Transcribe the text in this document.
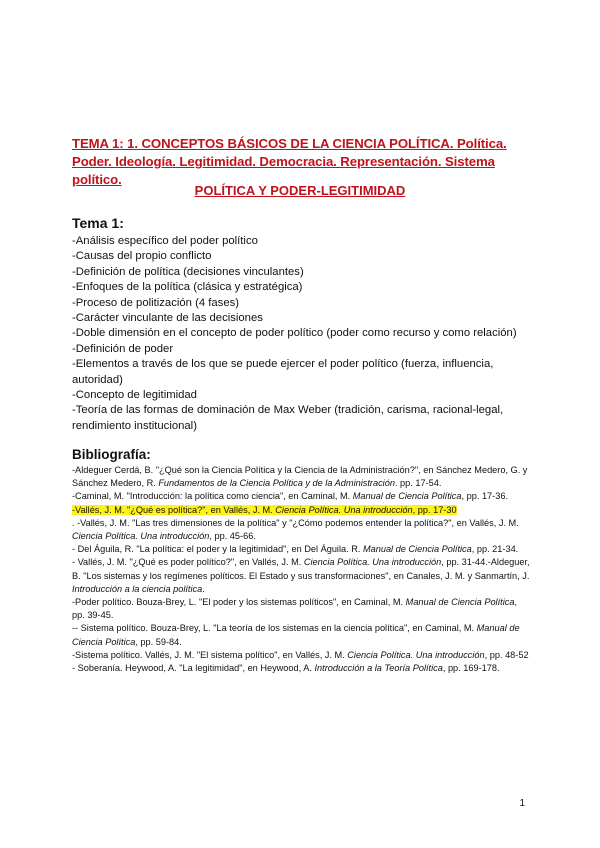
TEMA 1: 1. CONCEPTOS BÁSICOS DE LA CIENCIA POLÍTICA. Política. Poder. Ideología. Legitimidad. Democracia. Representación. Sistema político.
POLÍTICA Y PODER-LEGITIMIDAD
Tema 1:
-Análisis específico del poder político
-Causas del propio conflicto
-Definición de política (decisiones vinculantes)
-Enfoques de la política (clásica y estratégica)
-Proceso de politización (4 fases)
-Carácter vinculante de las decisiones
-Doble dimensión en el concepto de poder político (poder como recurso y como relación)
-Definición de poder
-Elementos a través de los que se puede ejercer el poder político (fuerza, influencia, autoridad)
-Concepto de legitimidad
-Teoría de las formas de dominación de Max Weber (tradición, carisma, racional-legal, rendimiento institucional)
Bibliografía:
-Aldeguer Cerdá, B. "¿Qué son la Ciencia Política y la Ciencia de la Administración?", en Sánchez Medero, G. y Sánchez Medero, R. Fundamentos de la Ciencia Política y de la Administración. pp. 17-54.
-Caminal, M. "Introducción: la política como ciencia", en Caminal, M. Manual de Ciencia Política, pp. 17-36.
-Vallés, J. M. "¿Qué es política?", en Vallés, J. M. Ciencia Política. Una introducción, pp. 17-30
. -Vallés, J. M. "Las tres dimensiones de la política" y "¿Cómo podemos entender la política?", en Vallés, J. M. Ciencia Política. Una introducción, pp. 45-66.
- Del Águila, R. "La política: el poder y la legitimidad", en Del Águila. R. Manual de Ciencia Política, pp. 21-34.
- Vallés, J. M. "¿Qué es poder político?", en Vallés, J. M. Ciencia Política. Una introducción, pp. 31-44.-Aldeguer, B. "Los sistemas y los regímenes políticos. El Estado y sus transformaciones", en Canales, J. M. y Sanmartín, J. Introducción a la ciencia política.
-Poder político. Bouza-Brey, L. "El poder y los sistemas políticos", en Caminal, M. Manual de Ciencia Política, pp. 39-45.
-- Sistema político. Bouza-Brey, L. "La teoría de los sistemas en la ciencia política", en Caminal, M. Manual de Ciencia Política, pp. 59-84.
-Sistema político. Vallés, J. M. "El sistema político", en Vallés, J. M. Ciencia Política. Una introducción, pp. 48-52
- Soberanía. Heywood, A. "La legitimidad", en Heywood, A. Introducción a la Teoría Política, pp. 169-178.
1
